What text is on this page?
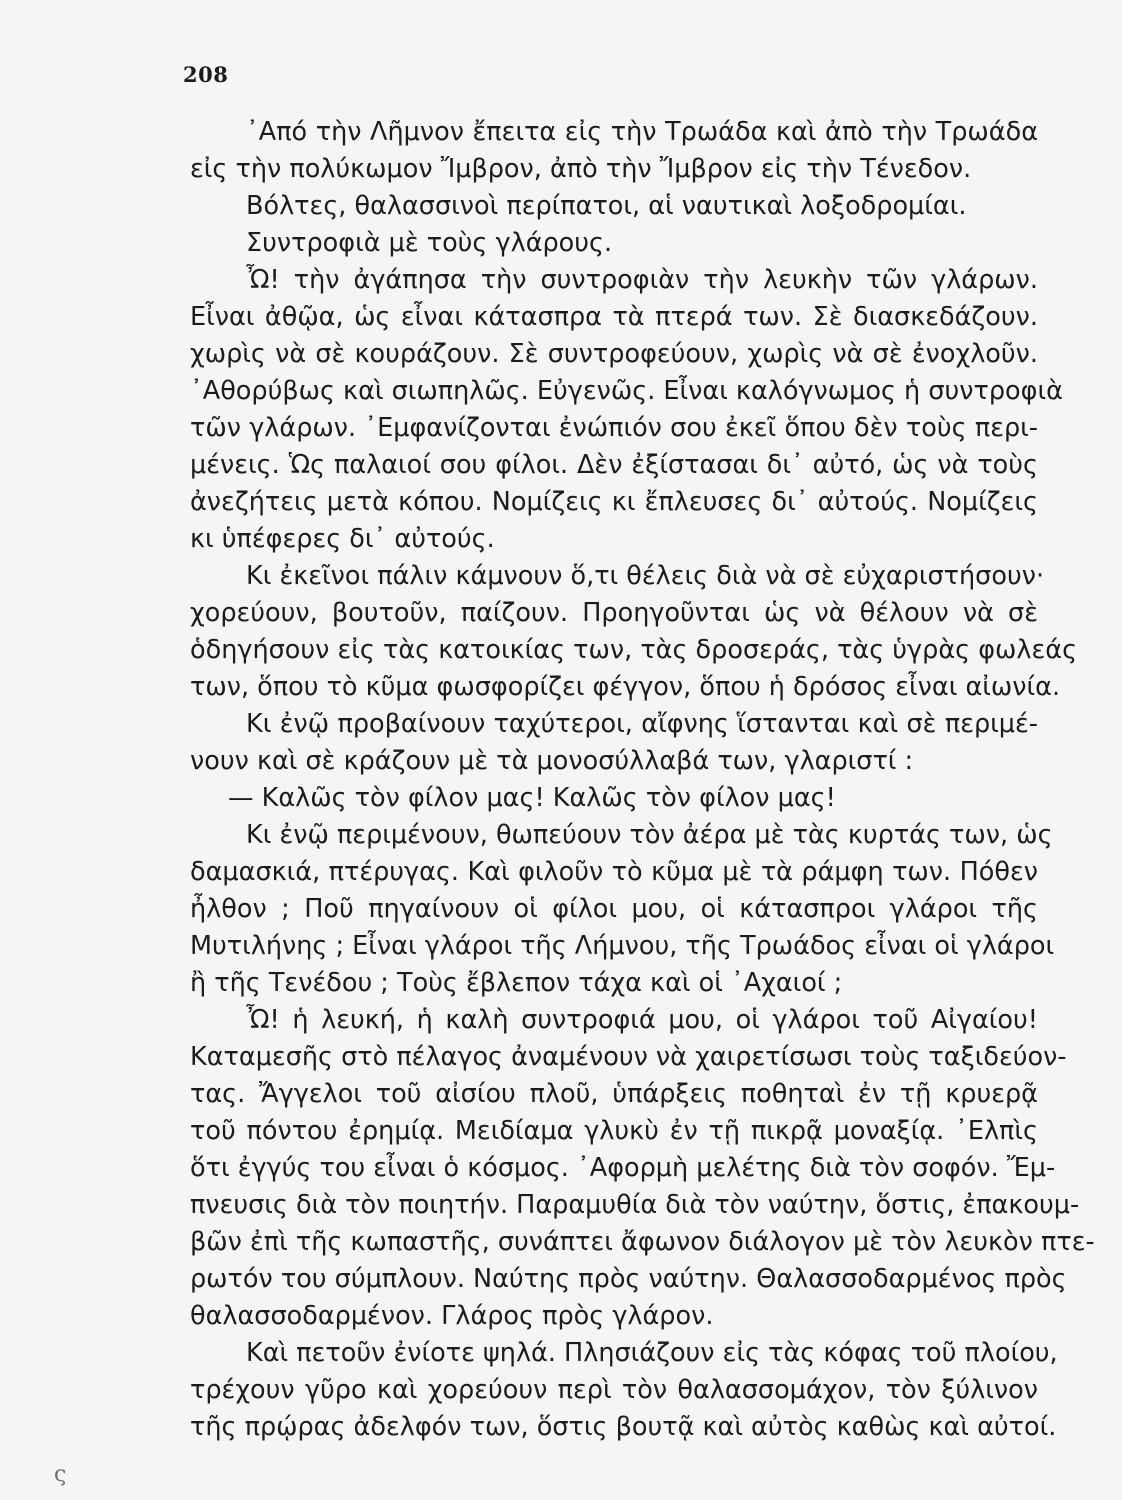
208
᾿Από τὴν Λῆμνον ἔπειτα εἰς τὴν Τρωάδα καὶ ἀπὸ τὴν Τρωάδα
εἰς τὴν πολύκωμον Ἴμβρον, ἀπὸ τὴν Ἴμβρον εἰς τὴν Τένεδον.
Βόλτες, θαλασσινοὶ περίπατοι, αἱ ναυτικαὶ λοξοδρομίαι.
Συντροφιὰ μὲ τοὺς γλάρους.
Ὦ! τὴν ἀγάπησα τὴν συντροφιὰν τὴν λευκὴν τῶν γλάρων.
Εἶναι ἀθῷα, ὡς εἶναι κάτασπρα τὰ πτερά των. Σὲ διασκεδάζουν.
χωρὶς νὰ σὲ κουράζουν. Σὲ συντροφεύουν, χωρὶς νὰ σὲ ἐνοχλοῦν.
᾿Αθορύβως καὶ σιωπηλῶς. Εὐγενῶς. Εἶναι καλόγνωμος ἡ συντροφιὰ
τῶν γλάρων. ᾿Εμφανίζονται ἐνώπιόν σου ἐκεῖ ὅπου δὲν τοὺς περι-
μένεις. Ὡς παλαιοί σου φίλοι. Δὲν ἐξίστασαι δι᾿ αὐτό, ὡς νὰ τοὺς
ἀνεζήτεις μετὰ κόπου. Νομίζεις κι ἔπλευσες δι᾿ αὐτούς. Νομίζεις
κι ὑπέφερες δι᾿ αὐτούς.
Κι ἐκεῖνοι πάλιν κάμνουν ὅ,τι θέλεις διὰ νὰ σὲ εὐχαριστήσουν·
χορεύουν, βουτοῦν, παίζουν. Προηγοῦνται ὡς νὰ θέλουν νὰ σὲ
ὁδηγήσουν εἰς τὰς κατοικίας των, τὰς δροσεράς, τὰς ὑγρὰς φωλεάς
των, ὅπου τὸ κῦμα φωσφορίζει φέγγον, ὅπου ἡ δρόσος εἶναι αἰωνία.
Κι ἐνῷ προβαίνουν ταχύτεροι, αἴφνης ἵστανται καὶ σὲ περιμέ-
νουν καὶ σὲ κράζουν μὲ τὰ μονοσύλλαβά των, γλαριστί :
— Καλῶς τὸν φίλον μας! Καλῶς τὸν φίλον μας!
Κι ἐνῷ περιμένουν, θωπεύουν τὸν ἀέρα μὲ τὰς κυρτάς των, ὡς
δαμασκιά, πτέρυγας. Καὶ φιλοῦν τὸ κῦμα μὲ τὰ ράμφη των. Πόθεν
ἦλθον ; Ποῦ πηγαίνουν οἱ φίλοι μου, οἱ κάτασπροι γλάροι τῆς
Μυτιλήνης ; Εἶναι γλάροι τῆς Λήμνου, τῆς Τρωάδος εἶναι οἱ γλάροι
ἢ τῆς Τενέδου ; Τοὺς ἔβλεπον τάχα καὶ οἱ ᾿Αχαιοί ;
Ὦ! ἡ λευκή, ἡ καλὴ συντροφιά μου, οἱ γλάροι τοῦ Αἰγαίου!
Καταμεσῆς στὸ πέλαγος ἀναμένουν νὰ χαιρετίσωσι τοὺς ταξιδεύον-
τας. Ἄγγελοι τοῦ αἰσίου πλοῦ, ὑπάρξεις ποθηταὶ ἐν τῇ κρυερᾷ
τοῦ πόντου ἐρημίᾳ. Μειδίαμα γλυκὺ ἐν τῇ πικρᾷ μοναξίᾳ. ᾿Ελπὶς
ὅτι ἐγγύς του εἶναι ὁ κόσμος. ᾿Αφορμὴ μελέτης διὰ τὸν σοφόν. Ἔμ-
πνευσις διὰ τὸν ποιητήν. Παραμυθία διὰ τὸν ναύτην, ὅστις, ἐπακουμ-
βῶν ἐπὶ τῆς κωπαστῆς, συνάπτει ἄφωνον διάλογον μὲ τὸν λευκὸν πτε-
ρωτόν του σύμπλουν. Ναύτης πρὸς ναύτην. Θαλασσοδαρμένος πρὸς
θαλασσοδαρμένον. Γλάρος πρὸς γλάρον.
Καὶ πετοῦν ἐνίοτε ψηλά. Πλησιάζουν εἰς τὰς κόφας τοῦ πλοίου,
τρέχουν γῦρο καὶ χορεύουν περὶ τὸν θαλασσομάχον, τὸν ξύλινον
τῆς πρῴρας ἀδελφόν των, ὅστις βουτᾷ καὶ αὐτὸς καθὼς καὶ αὐτοί.
ς
